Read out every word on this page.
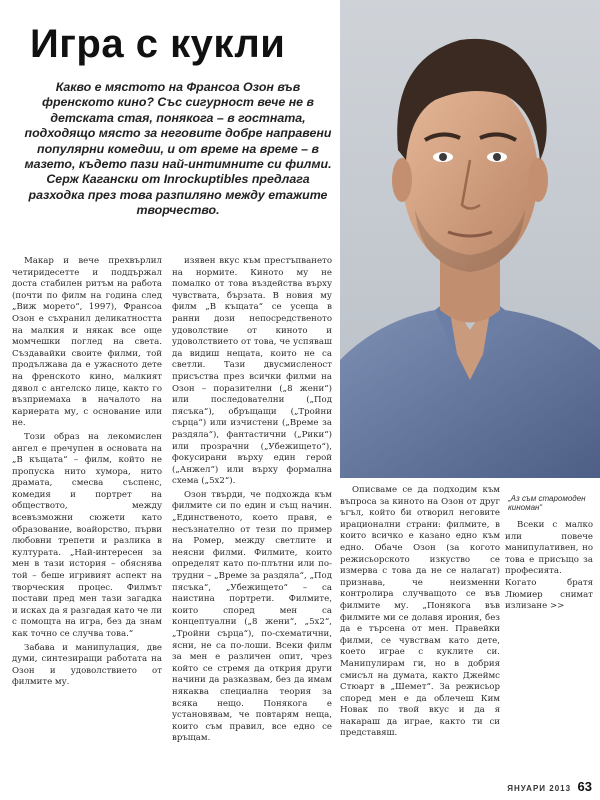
Игра с кукли

Какво е мястото на Франсоа Озон във френското кино? Със сигурност вече не в детската стая, понякога – в гостната, подходящо място за неговите добре направени популярни комедии, и от време на време – в мазето, където пази най-интимните си филми. Серж Каганcки от Inrockuptibles предлага разходка през това разпиляно между етажите творчество.

„Аз съм старомоден киноман“

Макар и вече прехвърлил четиридесетте и поддържал доста стабилен ритъм на работа (почти по филм на година след „Виж морето“, 1997), Франсоа Озон е съхранил деликатността на малкия и някак все още момчешки поглед на света. Създавайки своите филми, той продължава да е ужасното дете на френското кино, малкият дявол с ангелско лице, както го възприемаха в началото на кариерата му, с основание или не.

Този образ на лекомислен ангел е пречупен в основата на „В къщата“ – филм, който не пропуска нито хумора, нито драмата, смесва съспенс, комедия и портрет на обществото, между всевъзможни сюжети като образование, воайорство, първи любовни трепети и разлика в културата. „Най-интересен за мен в тази история – обяснява той – беше игривият аспект на творческия процес. Филмът постави пред мен тази загадка и исках да я разгадая като че ли с помощта на игра, без да знам как точно се случва това.“

Забава и манипулация, две думи, синтезиращи работата на Озон и удоволствието от филмите му.

изявен вкус към престъпването на нормите. Киното му не помалко от това въздейства върху чувствата, бързата. В новия му филм „В къщата“ се усеща в ранни дози непосредственото удоволствие от киното и удоволствието от това, че успяваш да видиш нещата, които не са светли. Тази двусмисленост присъства през всички филми на Озон – поразителни („8 жени“) или последователни („Под пясъка“), обръщащи („Тройни сърца“) или изчистени („Време за раздяла“), фантастични („Рики“) или прозрачни („Убежището“), фокусирани върху един герой („Анжел“) или върху формална схема („5x2“).

Озон твърди, че подхожда към филмите си по един и същ начин. „Единственото, което правя, е несъзнателно от тези по пример на Ромер, между светлите и неясни филми. Филмите, които определят като по-плътни или по-трудни – „Време за раздяла“, „Под пясъка“, „Убежището“ – са наистина портрети. Филмите, които според мен са концептуални („8 жени“, „5x2“, „Тройни сърца“), по-схематични, ясни, не са по-лоши. Всеки филм за мен е различен опит, чрез който се стремя да открия други начини да разказвам, без да имам някаква специална теория за всяка нещо. Понякога е установявам, че повтарям неща, които съм правил, все едно се връщам.

Описваме се да подходим към въпроса за киното на Озон от друг ъгъл, който би отворил неговите ирационални страни: филмите, в които всичко е казано едно към едно. Обаче Озон (за когото режисьорското изкуство се измерва с това да не се налагат) признава, че неизменни контролира случващото се във филмите му. „Понякога във филмите ми се долавя ирония, без да е търсена от мен. Правейки филми, се чувствам като дете, което играе с куклите си. Манипулирам ги, но в добрия смисъл на думата, както Джеймс Стюарт в „Шемет“. За режисьор според мен е да облечеш Ким Новак по твой вкус и да я накараш да играе, както ти си представяш.

Всеки с малко или повече манипулативен, но това е присъщо за професията. Когато братя Люмиер снимат излизане >>

ЯНУАРИ 2013 63
